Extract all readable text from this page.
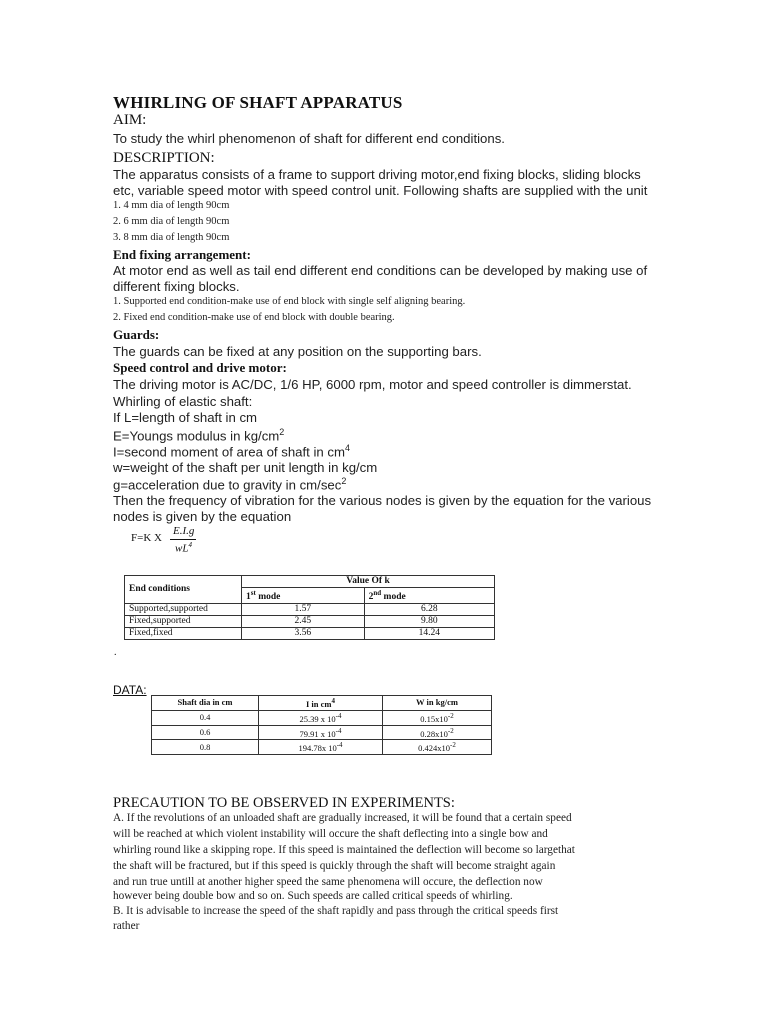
WHIRLING OF SHAFT APPARATUS
AIM:
To study the whirl phenomenon of shaft for different end conditions.
DESCRIPTION:
The apparatus consists of a frame to support driving motor,end fixing blocks, sliding blocks
etc, variable speed motor with speed control unit. Following shafts are supplied with the unit
1. 4 mm dia of length 90cm
2. 6 mm dia of length 90cm
3. 8 mm dia of length 90cm
End fixing arrangement:
At motor end as well as tail end different end conditions can be developed by making use of
different fixing blocks.
1. Supported end condition-make use of end block with single self aligning bearing.
2. Fixed end condition-make use of end block with double bearing.
Guards:
The guards can be fixed at any position on the supporting bars.
Speed control and drive motor:
The driving motor is AC/DC, 1/6 HP, 6000 rpm, motor and speed controller is dimmerstat.
Whirling of elastic shaft:
If L=length of shaft in cm
E=Youngs modulus in $kg/cm^2$
I=second moment of area of shaft in $cm^4$
w=weight of the shaft per unit length in kg/cm
g=acceleration due to gravity in $cm/\sec^2$
Then the frequency of vibration for the various nodes is given by the equation for the various
nodes is given by the equation
F=K X
E.I.g
$wL^4$
End conditions	Value Of k	
	1st mode	2nd mode
Supported,supported	1.57	6.28
Fixed,supported	2.45	9.80
Fixed,fixed	3.56	14.24
.
DATA:
Shaft dia in cm	I in $cm^4$	W in kg/cm
0.4	25.39 x $10^{-4}$	$0.15x10^{-2}$
0.6	79.91 x $10^{-4}$	$0.28x10^{-2}$
0.8	194.78x $10^{-4}$	$0.424x10^{-2}$
PRECAUTION TO BE OBSERVED IN EXPERIMENTS:
A. If the revolutions of an unloaded shaft are gradually increased, it will be found that a certain speed
will be reached at which violent instability will occure the shaft deflecting into a single bow and
whirling round like a skipping rope. If this speed is maintained the deflection will become so largethat
the shaft will be fractured, but if this speed is quickly through the shaft will become straight again
and run true untill at another higher speed the same phenomena will occure, the deflection now
however being double bow and so on. Such speeds are called critical speeds of whirling.
B. It is advisable to increase the speed of the shaft rapidly and pass through the critical speeds first
rather
